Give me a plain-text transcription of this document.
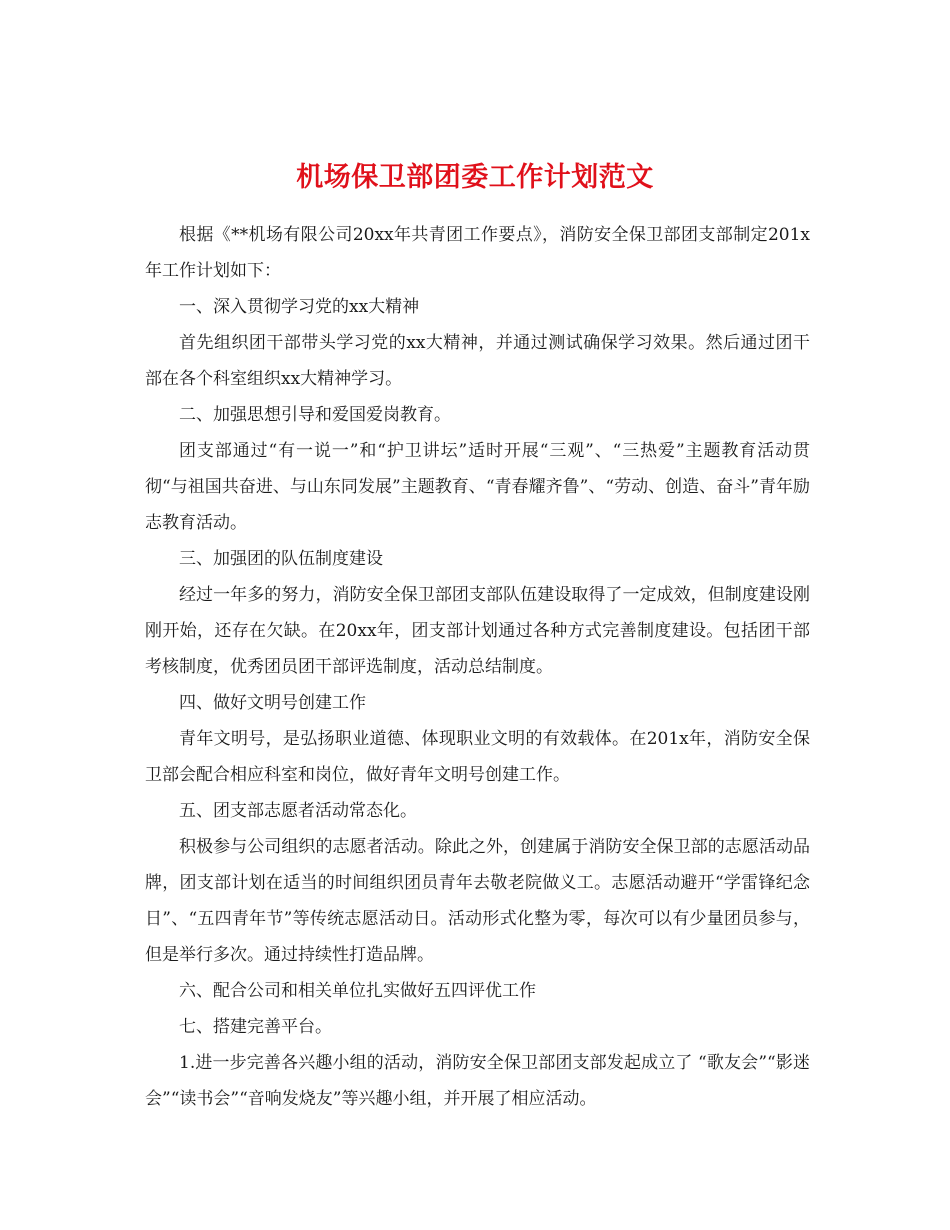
机场保卫部团委工作计划范文

根据《**机场有限公司20xx年共青团工作要点》，消防安全保卫部团支部制定201x年工作计划如下：

一、深入贯彻学习党的xx大精神

首先组织团干部带头学习党的xx大精神，并通过测试确保学习效果。然后通过团干部在各个科室组织xx大精神学习。

二、加强思想引导和爱国爱岗教育。

团支部通过“有一说一”和“护卫讲坛”适时开展“三观”、“三热爱”主题教育活动贯彻“与祖国共奋进、与山东同发展”主题教育、“青春耀齐鲁”、“劳动、创造、奋斗”青年励志教育活动。

三、加强团的队伍制度建设

经过一年多的努力，消防安全保卫部团支部队伍建设取得了一定成效，但制度建设刚刚开始，还存在欠缺。在20xx年，团支部计划通过各种方式完善制度建设。包括团干部考核制度，优秀团员团干部评选制度，活动总结制度。

四、做好文明号创建工作

青年文明号，是弘扬职业道德、体现职业文明的有效载体。在201x年，消防安全保卫部会配合相应科室和岗位，做好青年文明号创建工作。

五、团支部志愿者活动常态化。

积极参与公司组织的志愿者活动。除此之外，创建属于消防安全保卫部的志愿活动品牌，团支部计划在适当的时间组织团员青年去敬老院做义工。志愿活动避开“学雷锋纪念日”、“五四青年节”等传统志愿活动日。活动形式化整为零，每次可以有少量团员参与，但是举行多次。通过持续性打造品牌。

六、配合公司和相关单位扎实做好五四评优工作

七、搭建完善平台。

1.进一步完善各兴趣小组的活动，消防安全保卫部团支部发起成立了 “歌友会”“影迷会”“读书会”“音响发烧友”等兴趣小组，并开展了相应活动。
